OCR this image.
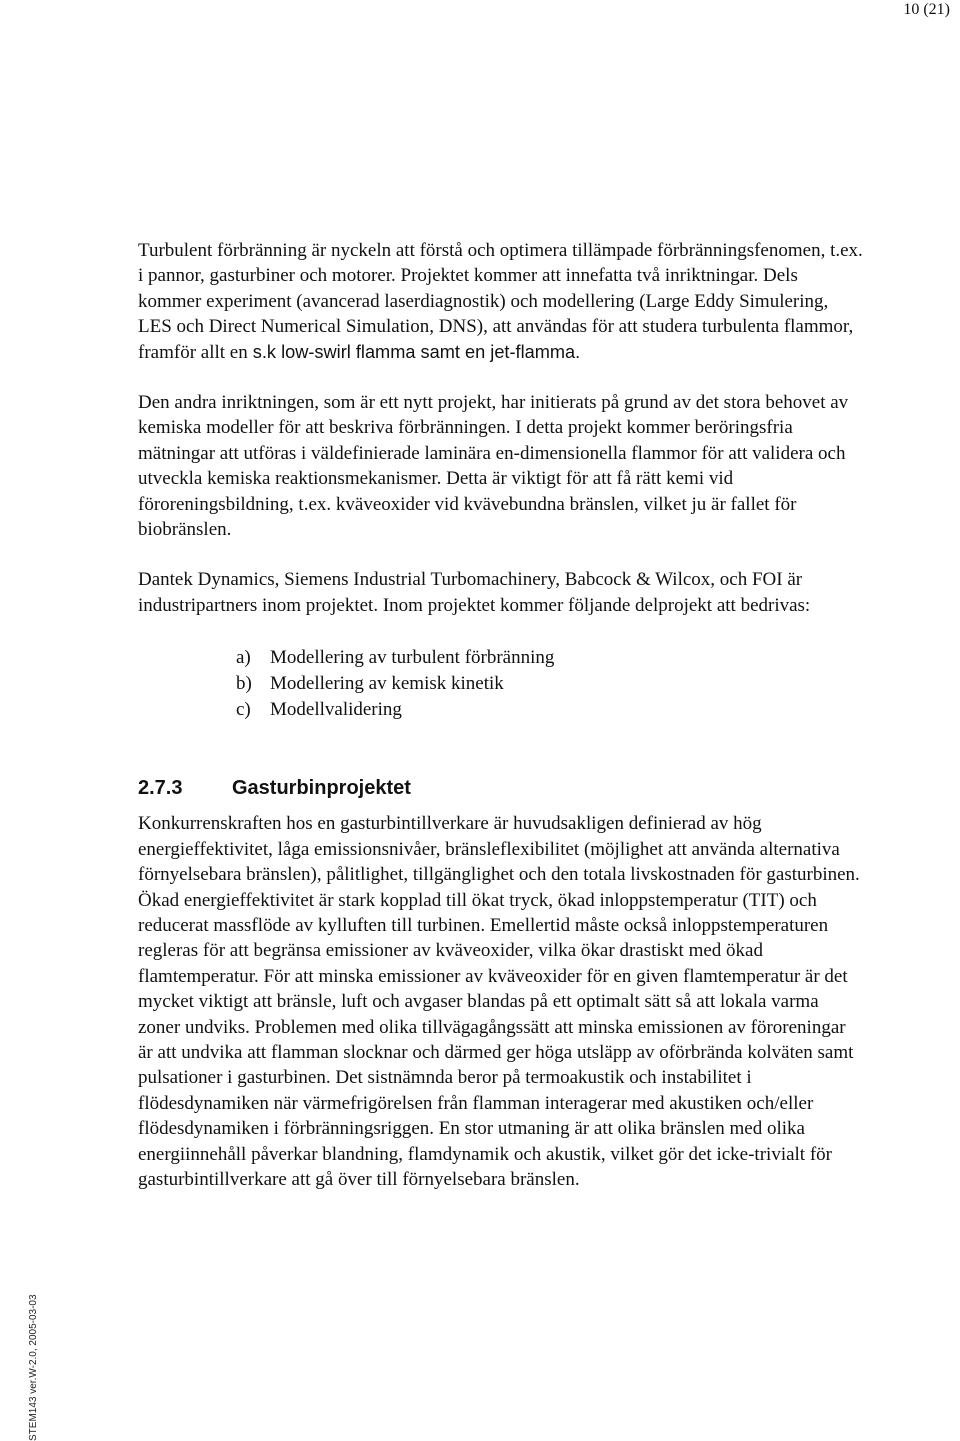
10 (21)

Turbulent förbränning är nyckeln att förstå och optimera tillämpade förbränningsfenomen, t.ex. i pannor, gasturbiner och motorer. Projektet kommer att innefatta två inriktningar. Dels kommer experiment (avancerad laserdiagnostik) och modellering (Large Eddy Simulering, LES och Direct Numerical Simulation, DNS), att användas för att studera turbulenta flammor, framför allt en s.k low-swirl flamma samt en jet-flamma.

Den andra inriktningen, som är ett nytt projekt, har initierats på grund av det stora behovet av kemiska modeller för att beskriva förbränningen. I detta projekt kommer beröringsfria mätningar att utföras i väldefinierade laminära en-dimensionella flammor för att validera och utveckla kemiska reaktionsmekanismer. Detta är viktigt för att få rätt kemi vid föroreningsbildning, t.ex. kväveoxider vid kvävebundna bränslen, vilket ju är fallet för biobränslen.

Dantek Dynamics, Siemens Industrial Turbomachinery, Babcock & Wilcox, och FOI är industripartners inom projektet. Inom projektet kommer följande delprojekt att bedrivas:

a)	Modellering av turbulent förbränning
b) Modellering av kemisk kinetik
c)	Modellvalidering
2.7.3	Gasturbinprojektet

Konkurrenskraften hos en gasturbintillverkare är huvudsakligen definierad av hög energieffektivitet, låga emissionsnivåer, bränsleflexibilitet (möjlighet att använda alternativa förnyelsebara bränslen), pålitlighet, tillgänglighet och den totala livskostnaden för gasturbinen. Ökad energieffektivitet är stark kopplad till ökat tryck, ökad inloppstemperatur (TIT) och reducerat massflöde av kylluften till turbinen. Emellertid måste också inloppstemperaturen regleras för att begränsa emissioner av kväveoxider, vilka ökar drastiskt med ökad flamtemperatur. För att minska emissioner av kväveoxider för en given flamtemperatur är det mycket viktigt att bränsle, luft och avgaser blandas på ett optimalt sätt så att lokala varma zoner undviks. Problemen med olika tillvägagångssätt att minska emissionen av föroreningar är att undvika att flamman slocknar och därmed ger höga utsläpp av oförbrända kolväten samt pulsationer i gasturbinen. Det sistnämnda beror på termoakustik och instabilitet i flödesdynamiken när värmefrigörelsen från flamman interagerar med akustiken och/eller flödesdynamiken i förbränningsriggen. En stor utmaning är att olika bränslen med olika energiinnehåll påverkar blandning, flamdynamik och akustik, vilket gör det icke-trivialt för gasturbintillverkare att gå över till förnyelsebara bränslen.

STEM143 ver.W-2.0, 2005-03-03
